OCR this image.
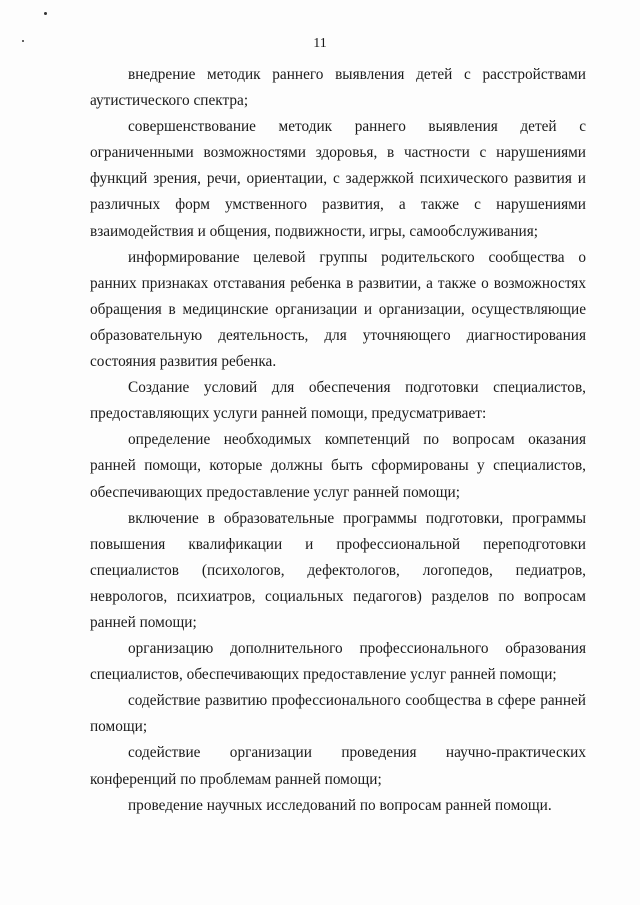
11

внедрение методик раннего выявления детей с расстройствами аутистического спектра;

совершенствование методик раннего выявления детей с ограниченными возможностями здоровья, в частности с нарушениями функций зрения, речи, ориентации, с задержкой психического развития и различных форм умственного развития, а также с нарушениями взаимодействия и общения, подвижности, игры, самообслуживания;

информирование целевой группы родительского сообщества о ранних признаках отставания ребенка в развитии, а также о возможностях обращения в медицинские организации и организации, осуществляющие образовательную деятельность, для уточняющего диагностирования состояния развития ребенка.

Создание условий для обеспечения подготовки специалистов, предоставляющих услуги ранней помощи, предусматривает:

определение необходимых компетенций по вопросам оказания ранней помощи, которые должны быть сформированы у специалистов, обеспечивающих предоставление услуг ранней помощи;

включение в образовательные программы подготовки, программы повышения квалификации и профессиональной переподготовки специалистов (психологов, дефектологов, логопедов, педиатров, неврологов, психиатров, социальных педагогов) разделов по вопросам ранней помощи;

организацию дополнительного профессионального образования специалистов, обеспечивающих предоставление услуг ранней помощи;

содействие развитию профессионального сообщества в сфере ранней помощи;

содействие организации проведения научно-практических конференций по проблемам ранней помощи;

проведение научных исследований по вопросам ранней помощи.
